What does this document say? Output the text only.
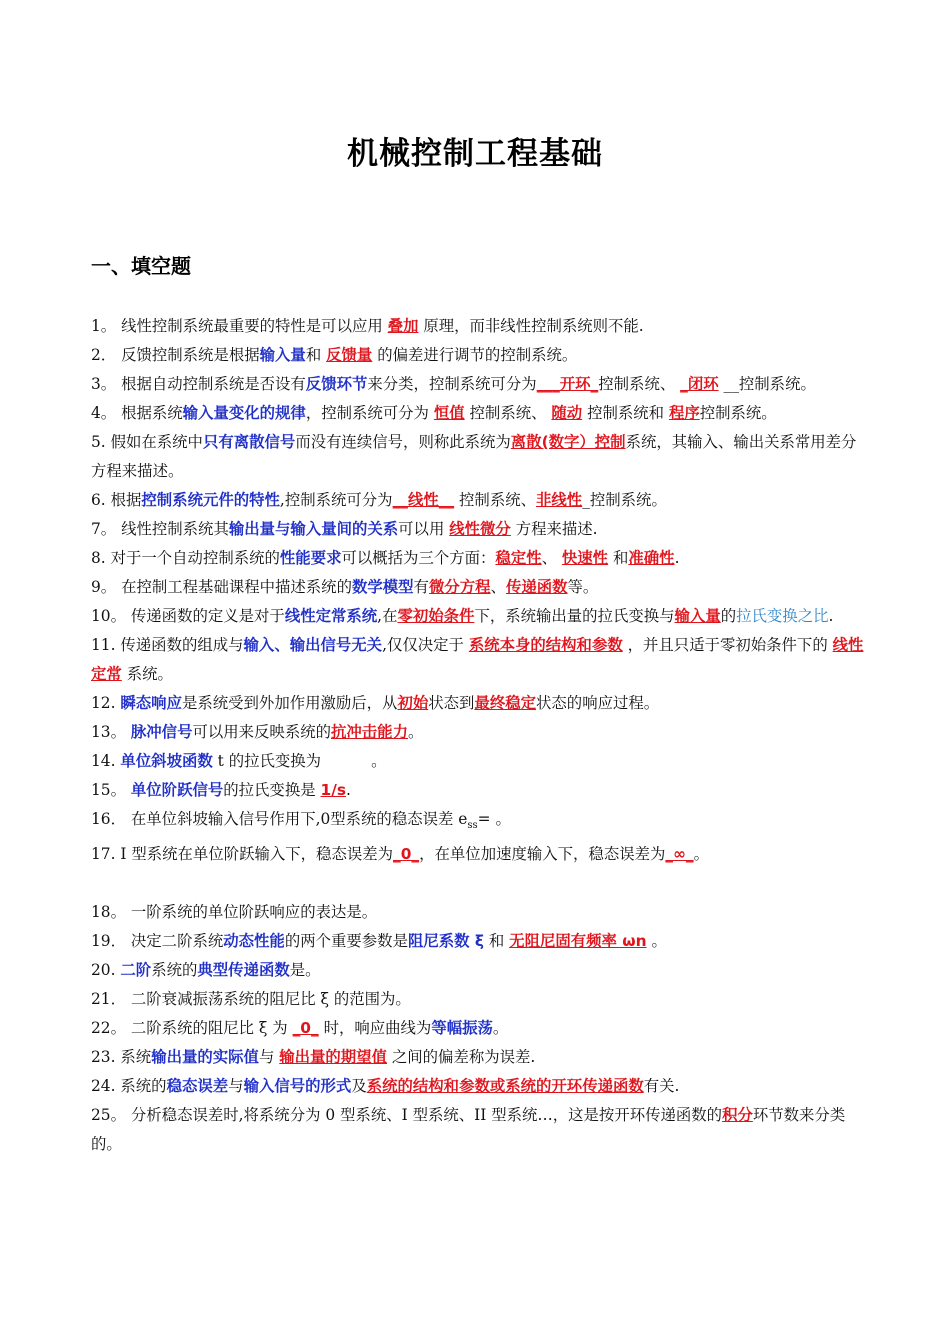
机械控制工程基础
一、填空题

1。 线性控制系统最重要的特性是可以应用 叠加 原理，而非线性控制系统则不能.

2． 反馈控制系统是根据输入量和 反馈量 的偏差进行调节的控制系统。

3。 根据自动控制系统是否设有反馈环节来分类，控制系统可分为___开环_控制系统、 _闭环 __控制系统。

4。 根据系统输入量变化的规律，控制系统可分为 恒值 控制系统、 随动 控制系统和 程序控制系统。

5. 假如在系统中只有离散信号而没有连续信号，则称此系统为离散(数字）控制系统，其输入、输出关系常用差分方程来描述。

6. 根据控制系统元件的特性,控制系统可分为__线性__ 控制系统、非线性_控制系统。

7。 线性控制系统其输出量与输入量间的关系可以用 线性微分 方程来描述.

8. 对于一个自动控制系统的性能要求可以概括为三个方面：稳定性、 快速性 和准确性.

9。 在控制工程基础课程中描述系统的数学模型有微分方程、传递函数等。

10。 传递函数的定义是对于线性定常系统,在零初始条件下，系统输出量的拉氏变换与输入量的拉氏变换之比.

11. 传递函数的组成与输入、输出信号无关,仅仅决定于 系统本身的结构和参数 ，并且只适于零初始条件下的 线性定常 系统。

12. 瞬态响应是系统受到外加作用激励后，从初始状态到最终稳定状态的响应过程。

13。 脉冲信号可以用来反映系统的抗冲击能力。

14. 单位斜坡函数 t 的拉氏变换为	。

15。 单位阶跃信号的拉氏变换是 1/s.

16． 在单位斜坡输入信号作用下,0型系统的稳态误差 $e_{ss}=$ 。

17. I 型系统在单位阶跃输入下，稳态误差为_0_，在单位加速度输入下，稳态误差为_∞_。

18。 一阶系统的单位阶跃响应的表达是。

19． 决定二阶系统动态性能的两个重要参数是阻尼系数 ξ 和 无阻尼固有频率 ωn 。

20. 二阶系统的典型传递函数是。

21． 二阶衰减振荡系统的阻尼比 ξ 的范围为。

22。 二阶系统的阻尼比 ξ 为 _0_ 时，响应曲线为等幅振荡。

23. 系统输出量的实际值与 输出量的期望值 之间的偏差称为误差.

24. 系统的稳态误差与输入信号的形式及系统的结构和参数或系统的开环传递函数有关.

25。 分析稳态误差时,将系统分为 0 型系统、I 型系统、II 型系统…，这是按开环传递函数的积分环节数来分类的。
